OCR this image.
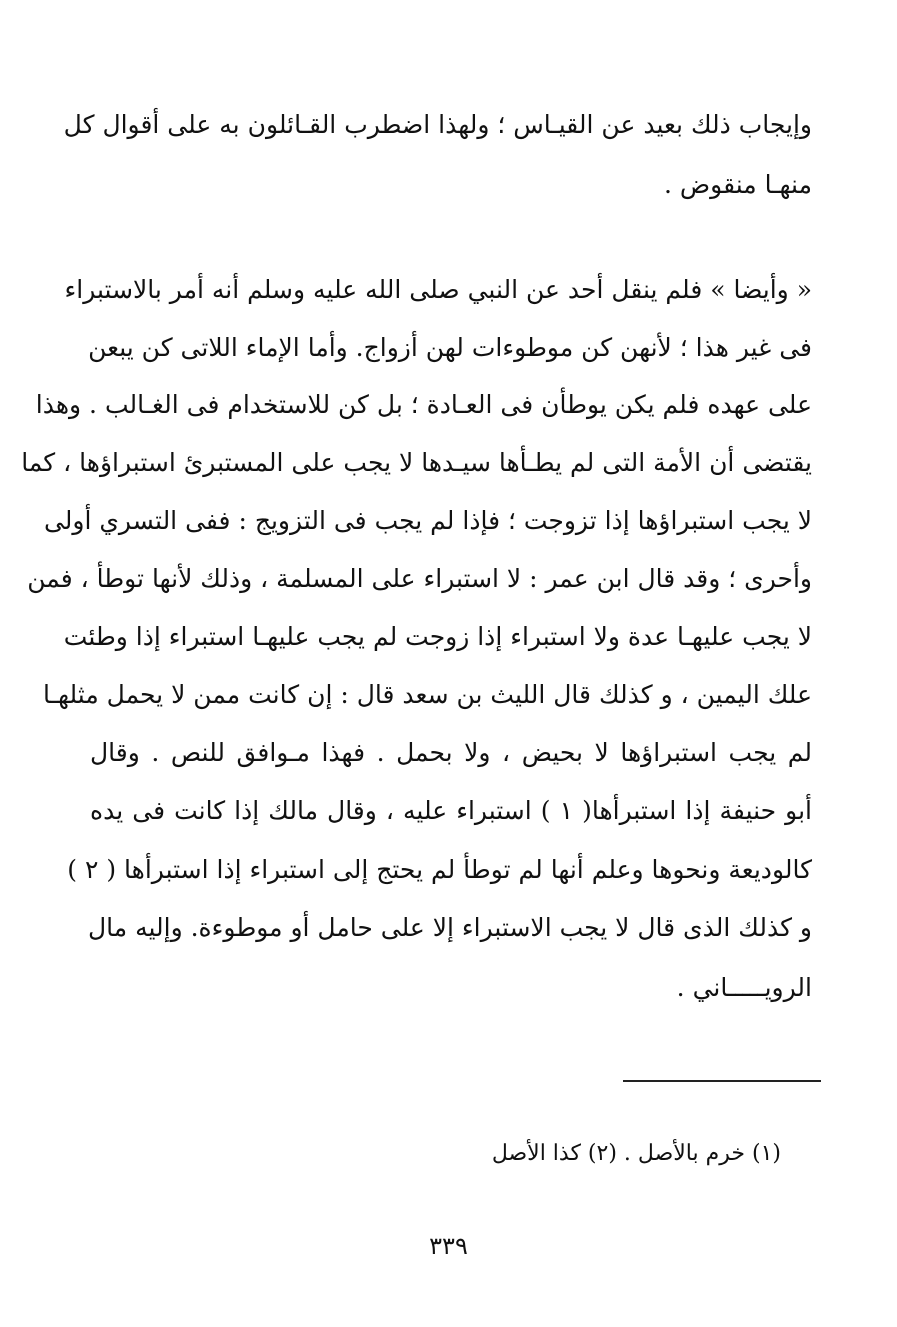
وإيجاب ذلك بعيد عن القيـاس ؛ ولهذا اضطرب القـائلون به على أقوال كل
منهـا منقوض .
« وأيضا » فلم ينقل أحد عن النبي صلى الله عليه وسلم أنه أمر بالاستبراء
فى غير هذا ؛ لأنهن كن موطوءات لهن أزواج. وأما الإماء اللاتى كن يبعن
على عهده فلم يكن يوطأن فى العـادة ؛ بل كن للاستخدام فى الغـالب . وهذا
يقتضى أن الأمة التى لم يطـأها سيـدها لا يجب على المستبرئ استبراؤها ، كما
لا يجب استبراؤها إذا تزوجت ؛ فإذا لم يجب فى التزويج : ففى التسري أولى
وأحرى ؛ وقد قال ابن عمر : لا استبراء على المسلمة ، وذلك لأنها توطأ ، فمن
لا يجب عليهـا عدة ولا استبراء إذا زوجت لم يجب عليهـا استبراء إذا وطئت
علك اليمين ، و كذلك قال الليث بن سعد قال : إن كانت ممن لا يحمل مثلهـا
لم يجب استبراؤها لا بحيض ، ولا بحمل . فهذا مـوافق للنص . وقال
أبو حنيفة إذا استبرأها( ١ ) استبراء عليه ، وقال مالك إذا كانت فى يده
كالوديعة ونحوها وعلم أنها لم توطأ لم يحتج إلى استبراء إذا استبرأها ( ٢ )
و كذلك الذى قال لا يجب الاستبراء إلا على حامل أو موطوءة. وإليه مال
الرويـــــاني .
(١) خرم بالأصل . (٢) كذا الأصل
٣٣٩
